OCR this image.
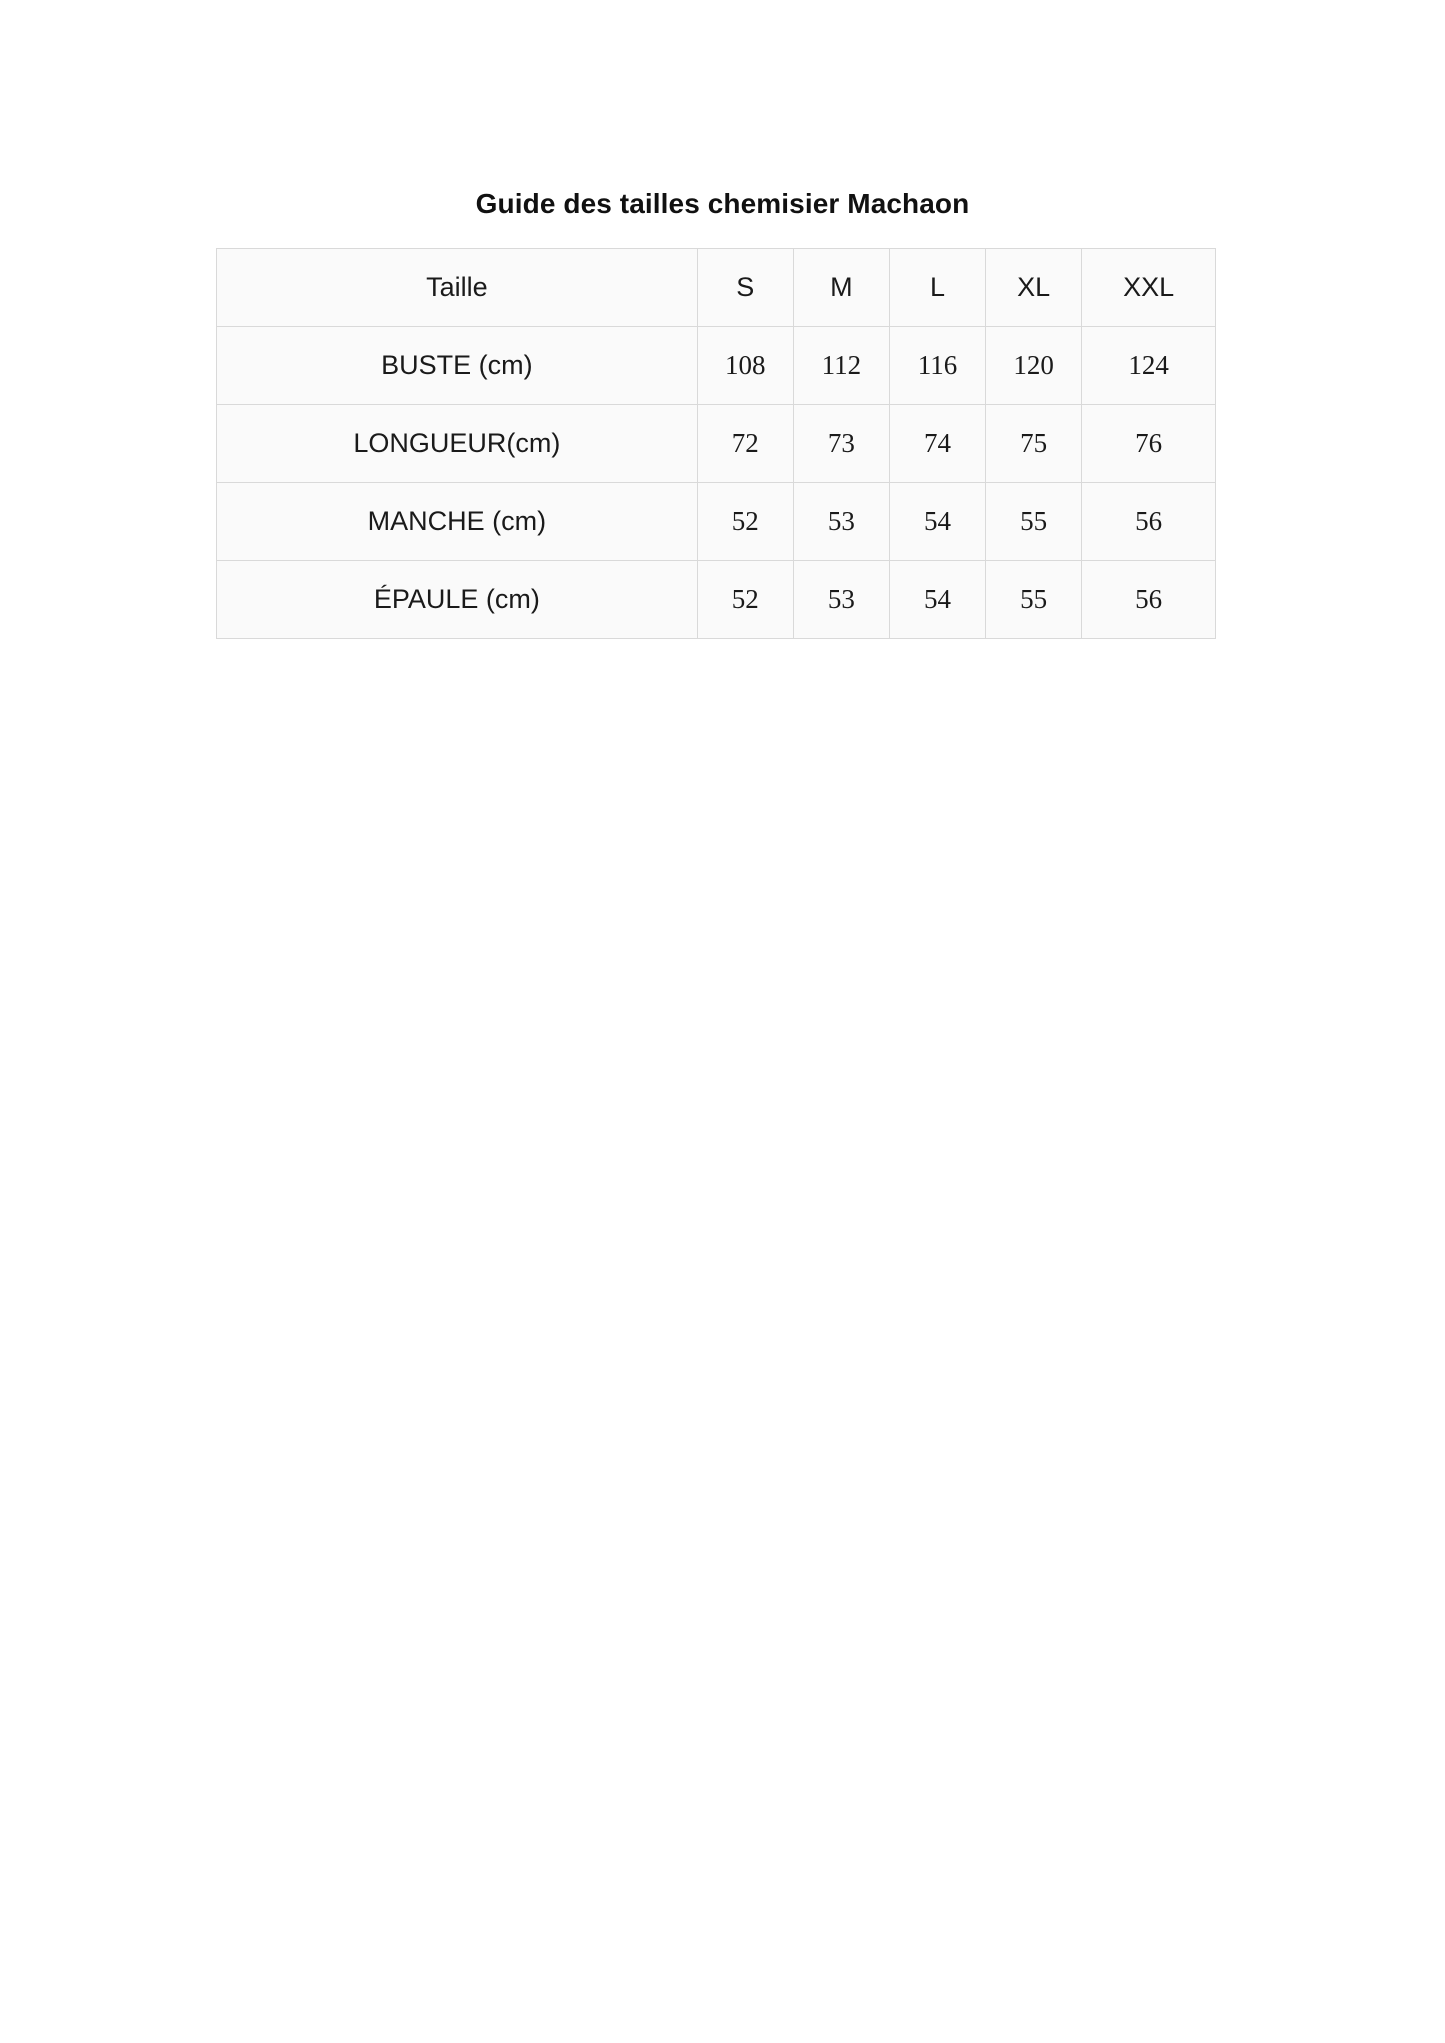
Guide des tailles chemisier Machaon
Taille	S	M	L	XL	XXL
BUSTE (cm)	108	112	116	120	124
LONGUEUR(cm)	72	73	74	75	76
MANCHE (cm)	52	53	54	55	56
ÉPAULE (cm)	52	53	54	55	56
